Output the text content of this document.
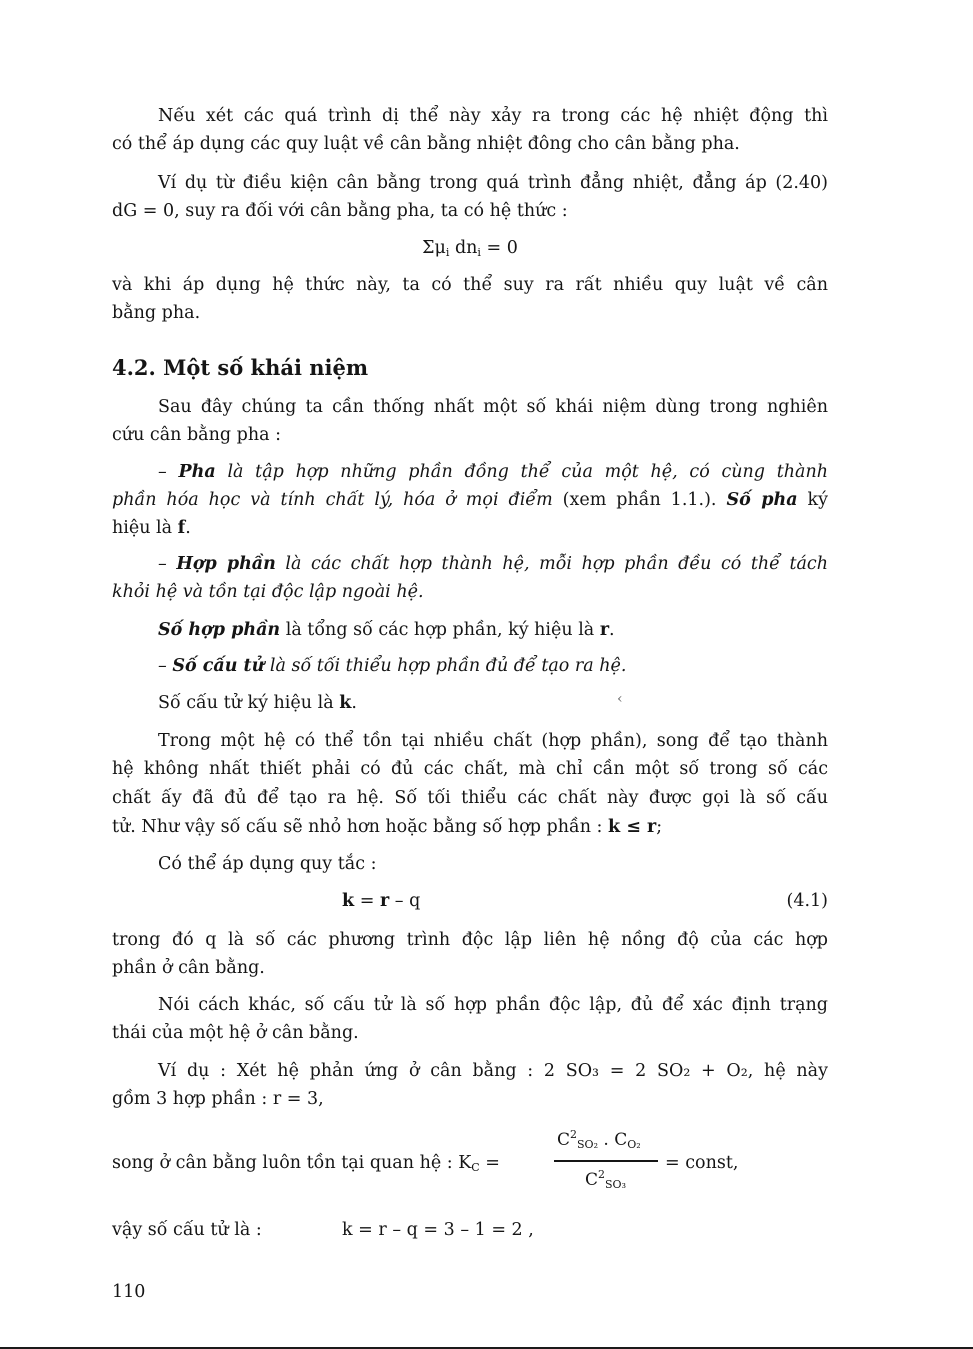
Nếu xét các quá trình dị thể này xảy ra trong các hệ nhiệt động thì
có thể áp dụng các quy luật về cân bằng nhiệt đông cho cân bằng pha.
Ví dụ từ điều kiện cân bằng trong quá trình đẳng nhiệt, đẳng áp (2.40)
dG = 0, suy ra đối với cân bằng pha, ta có hệ thức :
$\Sigma\mu_i$ $dn_i = 0$
và khi áp dụng hệ thức này, ta có thể suy ra rất nhiều quy luật về cân
bằng pha.
4.2. Một số khái niệm
Sau đây chúng ta cần thống nhất một số khái niệm dùng trong nghiên
cứu cân bằng pha :
– Pha là tập hợp những phần đồng thể của một hệ, có cùng thành
phần hóa học và tính chất lý, hóa ở mọi điểm (xem phần 1.1.). Số pha ký
hiệu là f.
– Hợp phần là các chất hợp thành hệ, mỗi hợp phần đều có thể tách
khỏi hệ và tồn tại độc lập ngoài hệ.
Số hợp phần là tổng số các hợp phần, ký hiệu là r.
– Số cấu tử là số tối thiểu hợp phần đủ để tạo ra hệ.
Số cấu tử ký hiệu là k.	‹
Trong một hệ có thể tồn tại nhiều chất (hợp phần), song để tạo thành
hệ không nhất thiết phải có đủ các chất, mà chỉ cần một số trong số các
chất ấy đã đủ để tạo ra hệ. Số tối thiểu các chất này được gọi là số cấu
tử. Như vậy số cấu sẽ nhỏ hơn hoặc bằng số hợp phần : k ≤ r;
Có thể áp dụng quy tắc :
k = r – q	(4.1)
trong đó q là số các phương trình độc lập liên hệ nồng độ của các hợp
phần ở cân bằng.
Nói cách khác, số cấu tử là số hợp phần độc lập, đủ để xác định trạng
thái của một hệ ở cân bằng.
Ví dụ : Xét hệ phản ứng ở cân bằng : 2 SO₃ = 2 SO₂ + O₂, hệ này
gồm 3 hợp phần : r = 3,
song ở cân bằng luôn tồn tại quan hệ : $K_C$ =
$C^2_{SO_2}$ . $C_{O_2}$
$C^2_{SO_3}$
= const,
vậy số cấu tử là :	k = r – q = 3 – 1 = 2 ,
110
